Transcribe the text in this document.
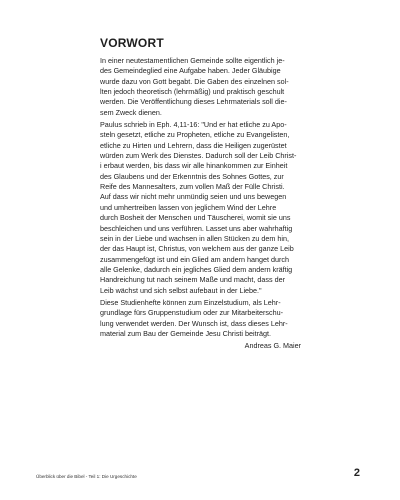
VORWORT

In einer neutestamentlichen Gemeinde sollte eigentlich je-
des Gemeindeglied eine Aufgabe haben. Jeder Gläubige
wurde dazu von Gott begabt. Die Gaben des einzelnen sol-
lten jedoch theoretisch (lehrmäßig) und praktisch geschult
werden. Die Veröffentlichung dieses Lehrmaterials soll die-
sem Zweck dienen.

Paulus schrieb in Eph. 4,11-16: "Und er hat etliche zu Apo-
steln gesetzt, etliche zu Propheten, etliche zu Evangelisten,
etliche zu Hirten und Lehrern, dass die Heiligen zugerüstet
würden zum Werk des Dienstes. Dadurch soll der Leib Christ-
i erbaut werden, bis dass wir alle hinankommen zur Einheit
des Glaubens und der Erkenntnis des Sohnes Gottes, zur
Reife des Mannesalters, zum vollen Maß der Fülle Christi.
Auf dass wir nicht mehr unmündig seien und uns bewegen
und umhertreiben lassen von jeglichem Wind der Lehre
durch Bosheit der Menschen und Täuscherei, womit sie uns
beschleichen und uns verführen. Lasset uns aber wahrhaftig
sein in der Liebe und wachsen in allen Stücken zu dem hin,
der das Haupt ist, Christus, von welchem aus der ganze Leib
zusammengefügt ist und ein Glied am andern hanget durch
alle Gelenke, dadurch ein jegliches Glied dem andern kräftig
Handreichung tut nach seinem Maße und macht, dass der
Leib wächst und sich selbst aufebaut in der Liebe."

Diese Studienhefte können zum Einzelstudium, als Lehr-
grundlage fürs Gruppenstudium oder zur Mitarbeiterschu-
lung verwendet werden. Der Wunsch ist, dass dieses Lehr-
material zum Bau der Gemeinde Jesu Christi beiträgt.

Andreas G. Maier

Überblick über die Bibel - Teil 1: Die Urgeschichte	2
